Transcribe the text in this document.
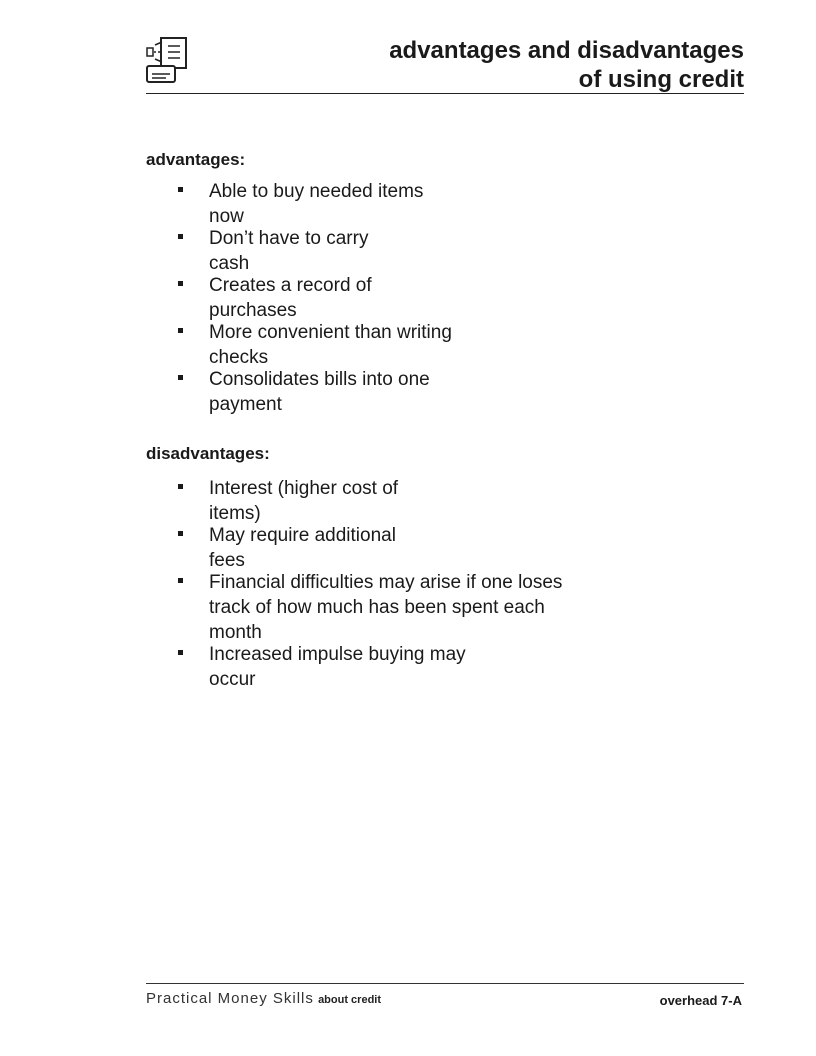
advantages and disadvantages
of using credit
advantages:
Able to buy needed items
now
Don’t have to carry
cash
Creates a record of
purchases
More convenient than writing
checks
Consolidates bills into one
payment
disadvantages:
Interest (higher cost of
items)
May require additional
fees
Financial difficulties may arise if one loses
track of how much has been spent each
month
Increased impulse buying may
occur
Practical Money Skills about credit	overhead 7-A
